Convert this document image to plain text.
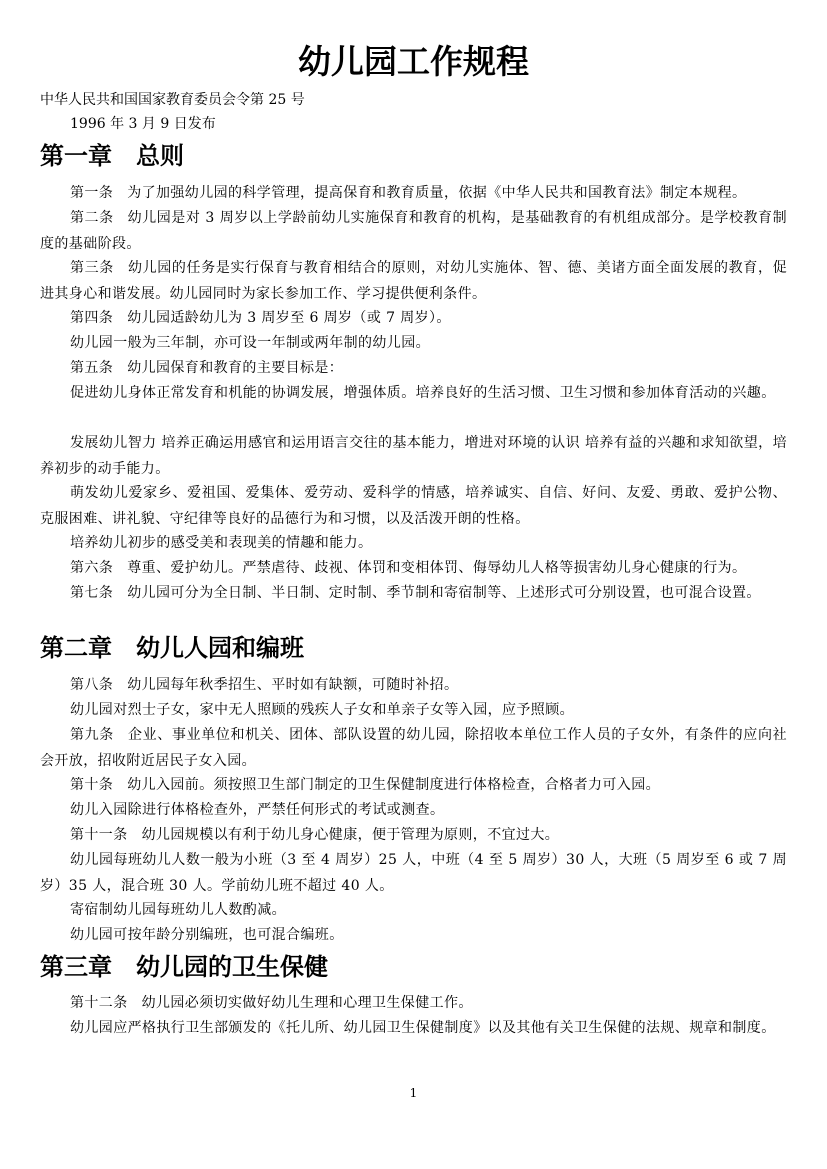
幼儿园工作规程
中华人民共和国国家教育委员会令第 25 号
1996 年 3 月 9 日发布
第一章 总则
第一条 为了加强幼儿园的科学管理，提高保育和教育质量，依据《中华人民共和国教育法》制定本规程。
第二条 幼儿园是对 3 周岁以上学龄前幼儿实施保育和教育的机构，是基础教育的有机组成部分。是学校教育制度的基础阶段。
第三条 幼儿园的任务是实行保育与教育相结合的原则，对幼儿实施体、智、德、美诸方面全面发展的教育，促进其身心和谐发展。幼儿园同时为家长参加工作、学习提供便利条件。
第四条 幼儿园适龄幼儿为 3 周岁至 6 周岁（或 7 周岁）。
幼儿园一般为三年制，亦可设一年制或两年制的幼儿园。
第五条 幼儿园保育和教育的主要目标是：
促进幼儿身体正常发育和机能的协调发展，增强体质。培养良好的生活习惯、卫生习惯和参加体育活动的兴趣。
发展幼儿智力 培养正确运用感官和运用语言交往的基本能力，增进对环境的认识 培养有益的兴趣和求知欲望，培养初步的动手能力。
萌发幼儿爱家乡、爱祖国、爱集体、爱劳动、爱科学的情感，培养诚实、自信、好问、友爱、勇敢、爱护公物、克服困难、讲礼貌、守纪律等良好的品德行为和习惯，以及活泼开朗的性格。
培养幼儿初步的感受美和表现美的情趣和能力。
第六条 尊重、爱护幼儿。严禁虐待、歧视、体罚和变相体罚、侮辱幼儿人格等损害幼儿身心健康的行为。
第七条 幼儿园可分为全日制、半日制、定时制、季节制和寄宿制等、上述形式可分别设置，也可混合设置。
第二章 幼儿人园和编班
第八条 幼儿园每年秋季招生、平时如有缺额，可随时补招。
幼儿园对烈士子女，家中无人照顾的残疾人子女和单亲子女等入园，应予照顾。
第九条 企业、事业单位和机关、团体、部队设置的幼儿园，除招收本单位工作人员的子女外，有条件的应向社会开放，招收附近居民子女入园。
第十条 幼儿入园前。须按照卫生部门制定的卫生保健制度进行体格检查，合格者力可入园。
幼儿入园除进行体格检查外，严禁任何形式的考试或测查。
第十一条 幼儿园规模以有利于幼儿身心健康，便于管理为原则，不宜过大。
幼儿园每班幼儿人数一般为小班（3 至 4 周岁）25 人，中班（4 至 5 周岁）30 人，大班（5 周岁至 6 或 7 周岁）35 人，混合班 30 人。学前幼儿班不超过 40 人。
寄宿制幼儿园每班幼儿人数酌减。
幼儿园可按年龄分别编班，也可混合编班。
第三章 幼儿园的卫生保健
第十二条 幼儿园必须切实做好幼儿生理和心理卫生保健工作。
幼儿园应严格执行卫生部颁发的《托儿所、幼儿园卫生保健制度》以及其他有关卫生保健的法规、规章和制度。
1
